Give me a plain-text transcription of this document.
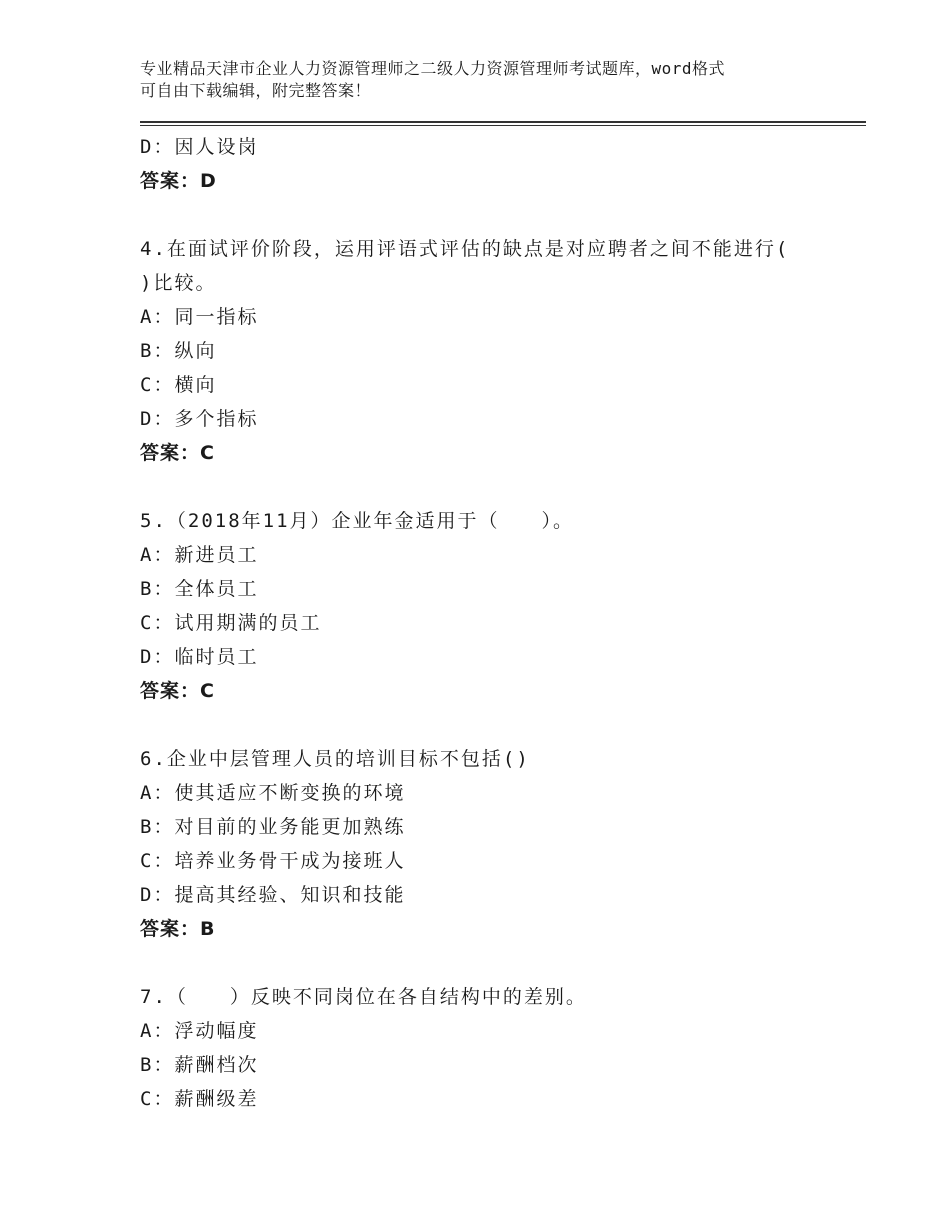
专业精品天津市企业人力资源管理师之二级人力资源管理师考试题库，word格式
可自由下载编辑，附完整答案！
D：因人设岗
答案：D
4.在面试评价阶段，运用评语式评估的缺点是对应聘者之间不能进行(
)比较。
A：同一指标
B：纵向
C：横向
D：多个指标
答案：C
5.（2018年11月）企业年金适用于（　　）。
A：新进员工
B：全体员工
C：试用期满的员工
D：临时员工
答案：C
6.企业中层管理人员的培训目标不包括()
A：使其适应不断变换的环境
B：对目前的业务能更加熟练
C：培养业务骨干成为接班人
D：提高其经验、知识和技能
答案：B
7.（　　）反映不同岗位在各自结构中的差别。
A：浮动幅度
B：薪酬档次
C：薪酬级差
